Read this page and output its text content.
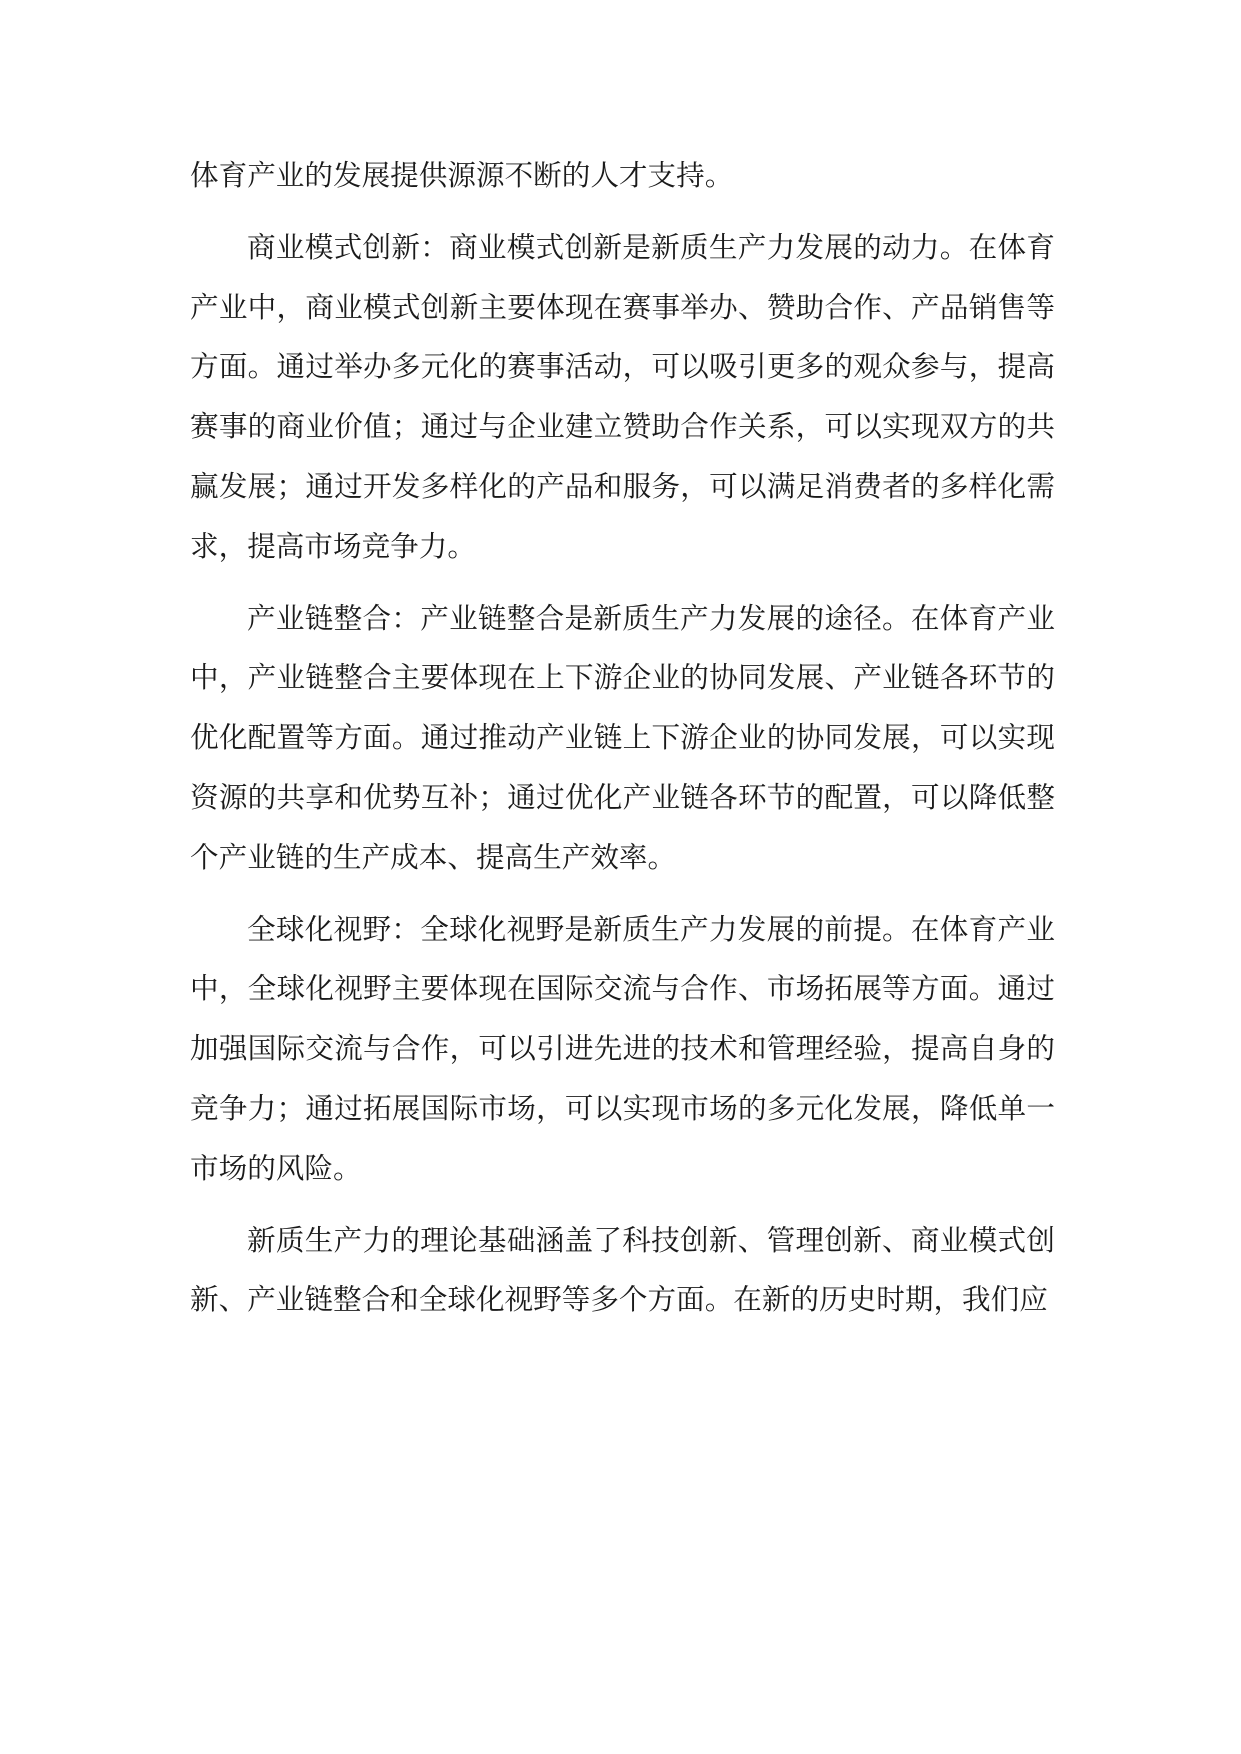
体育产业的发展提供源源不断的人才支持。

商业模式创新：商业模式创新是新质生产力发展的动力。在体育产业中，商业模式创新主要体现在赛事举办、赞助合作、产品销售等方面。通过举办多元化的赛事活动，可以吸引更多的观众参与，提高赛事的商业价值；通过与企业建立赞助合作关系，可以实现双方的共赢发展；通过开发多样化的产品和服务，可以满足消费者的多样化需求，提高市场竞争力。

产业链整合：产业链整合是新质生产力发展的途径。在体育产业中，产业链整合主要体现在上下游企业的协同发展、产业链各环节的优化配置等方面。通过推动产业链上下游企业的协同发展，可以实现资源的共享和优势互补；通过优化产业链各环节的配置，可以降低整个产业链的生产成本、提高生产效率。

全球化视野：全球化视野是新质生产力发展的前提。在体育产业中，全球化视野主要体现在国际交流与合作、市场拓展等方面。通过加强国际交流与合作，可以引进先进的技术和管理经验，提高自身的竞争力；通过拓展国际市场，可以实现市场的多元化发展，降低单一市场的风险。

新质生产力的理论基础涵盖了科技创新、管理创新、商业模式创新、产业链整合和全球化视野等多个方面。在新的历史时期，我们应
